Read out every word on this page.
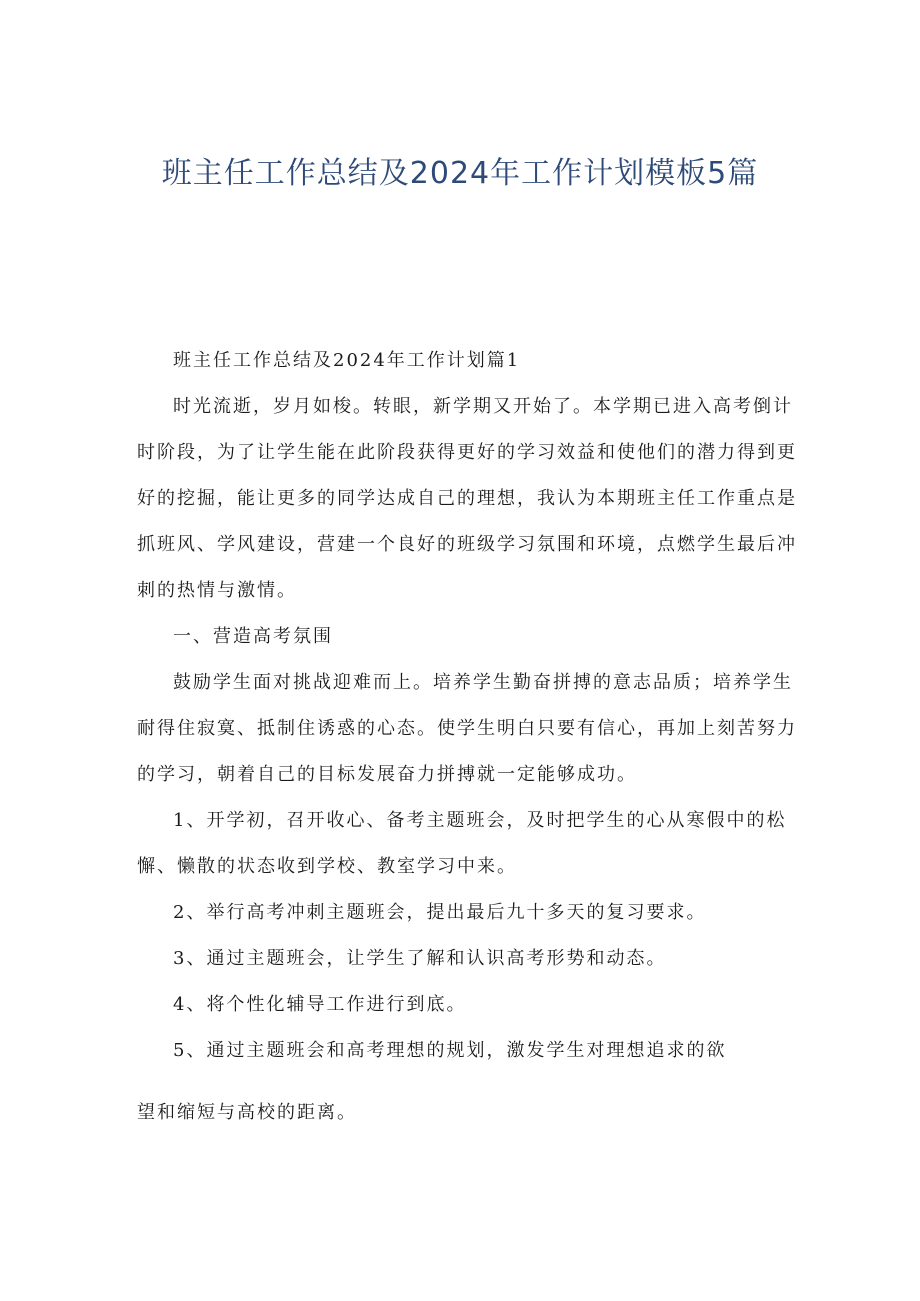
班主任工作总结及2024年工作计划模板5篇

班主任工作总结及2024年工作计划篇1

时光流逝，岁月如梭。转眼，新学期又开始了。本学期已进入高考倒计时阶段，为了让学生能在此阶段获得更好的学习效益和使他们的潜力得到更好的挖掘，能让更多的同学达成自己的理想，我认为本期班主任工作重点是抓班风、学风建设，营建一个良好的班级学习氛围和环境，点燃学生最后冲刺的热情与激情。

一、营造高考氛围

鼓励学生面对挑战迎难而上。培养学生勤奋拼搏的意志品质；培养学生耐得住寂寞、抵制住诱惑的心态。使学生明白只要有信心，再加上刻苦努力的学习，朝着自己的目标发展奋力拼搏就一定能够成功。

1、开学初，召开收心、备考主题班会，及时把学生的心从寒假中的松懈、懒散的状态收到学校、教室学习中来。

2、举行高考冲刺主题班会，提出最后九十多天的复习要求。

3、通过主题班会，让学生了解和认识高考形势和动态。

4、将个性化辅导工作进行到底。

5、通过主题班会和高考理想的规划，激发学生对理想追求的欲

望和缩短与高校的距离。
